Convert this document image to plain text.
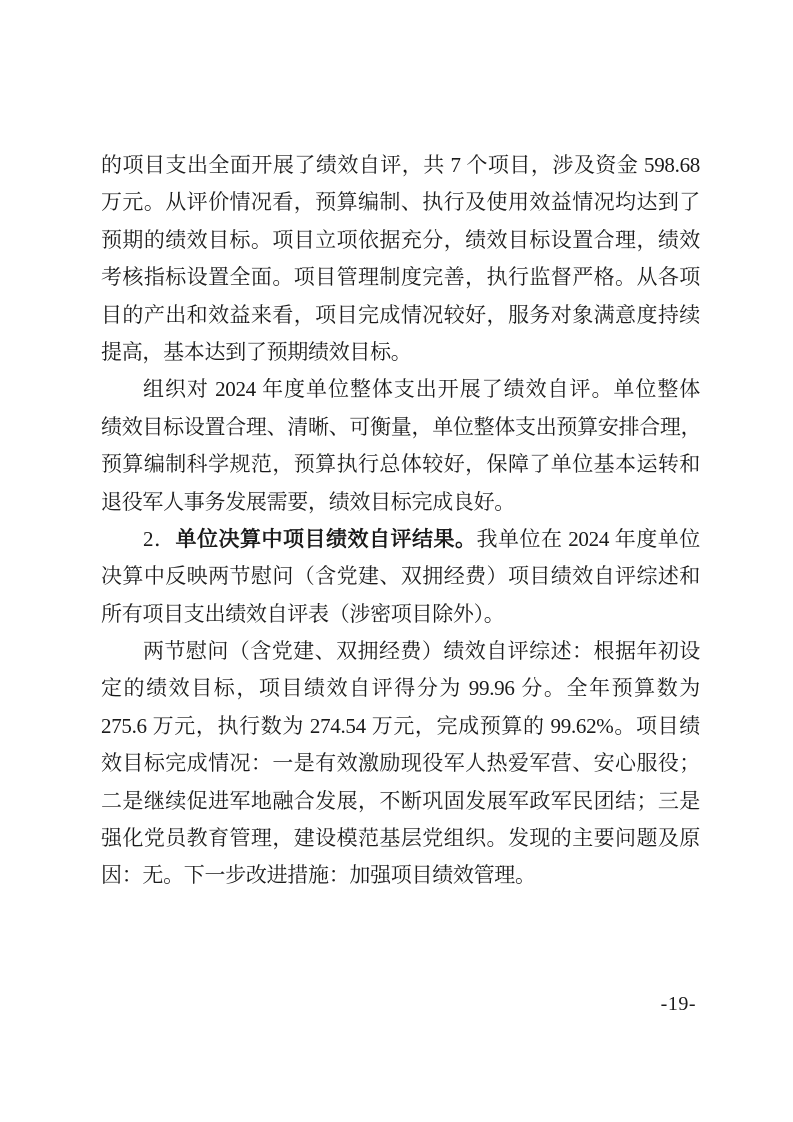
的项目支出全面开展了绩效自评，共 7 个项目，涉及资金 598.68
万元。从评价情况看，预算编制、执行及使用效益情况均达到了
预期的绩效目标。项目立项依据充分，绩效目标设置合理，绩效
考核指标设置全面。项目管理制度完善，执行监督严格。从各项
目的产出和效益来看，项目完成情况较好，服务对象满意度持续
提高，基本达到了预期绩效目标。
组织对 2024 年度单位整体支出开展了绩效自评。单位整体
绩效目标设置合理、清晰、可衡量，单位整体支出预算安排合理，
预算编制科学规范，预算执行总体较好，保障了单位基本运转和
退役军人事务发展需要，绩效目标完成良好。
2．单位决算中项目绩效自评结果。我单位在 2024 年度单位
决算中反映两节慰问（含党建、双拥经费）项目绩效自评综述和
所有项目支出绩效自评表（涉密项目除外）。
两节慰问（含党建、双拥经费）绩效自评综述：根据年初设
定的绩效目标，项目绩效自评得分为 99.96 分。全年预算数为
275.6 万元，执行数为 274.54 万元，完成预算的 99.62%。项目绩
效目标完成情况：一是有效激励现役军人热爱军营、安心服役；
二是继续促进军地融合发展，不断巩固发展军政军民团结；三是
强化党员教育管理，建设模范基层党组织。发现的主要问题及原
因：无。下一步改进措施：加强项目绩效管理。
-19-
